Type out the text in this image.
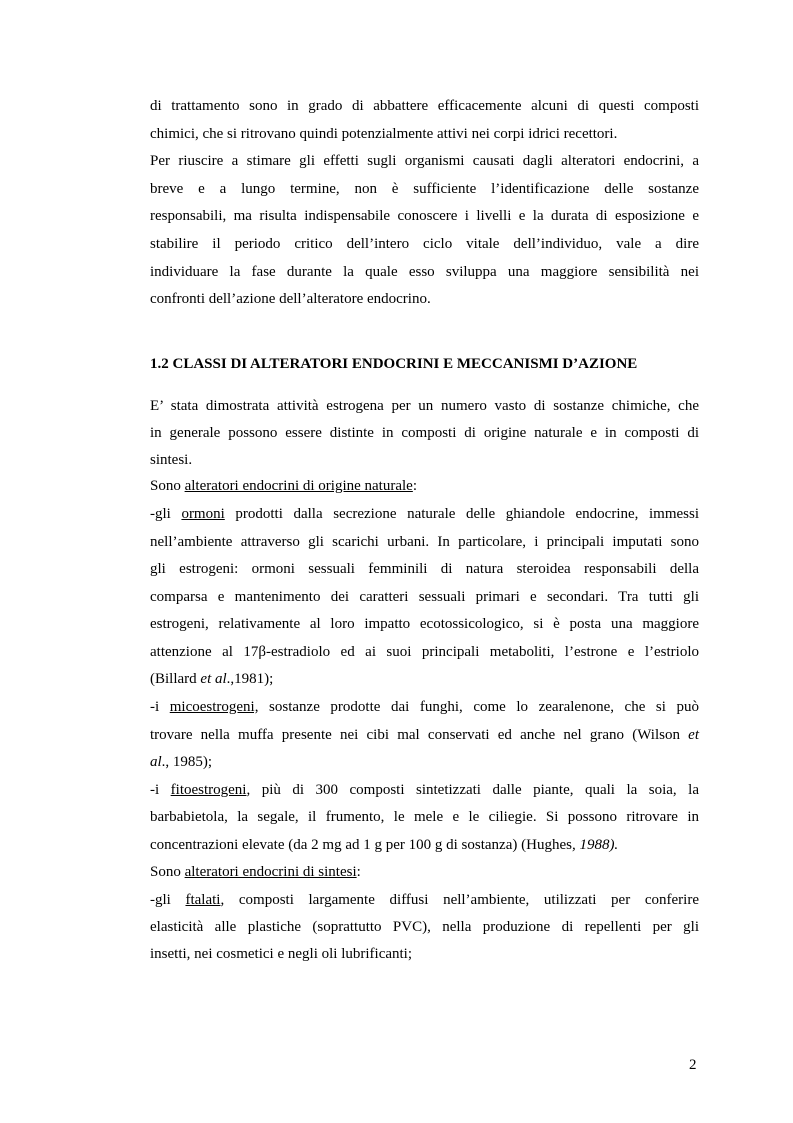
di trattamento sono in grado di abbattere efficacemente alcuni di questi composti
chimici, che si ritrovano quindi potenzialmente attivi nei corpi idrici recettori.
Per riuscire a stimare gli effetti sugli organismi causati dagli alteratori endocrini, a
breve e a lungo termine, non è sufficiente l’identificazione delle sostanze
responsabili, ma risulta indispensabile conoscere i livelli e la durata di esposizione e
stabilire il periodo critico dell’intero ciclo vitale dell’individuo, vale a dire
individuare la fase durante la quale esso sviluppa una maggiore sensibilità nei
confronti dell’azione dell’alteratore endocrino.
1.2 CLASSI DI ALTERATORI ENDOCRINI E MECCANISMI D’AZIONE
E’ stata dimostrata attività estrogena per un numero vasto di sostanze chimiche, che
in generale possono essere distinte in composti di origine naturale e in composti di
sintesi.
Sono alteratori endocrini di origine naturale:
-gli ormoni prodotti dalla secrezione naturale delle ghiandole endocrine, immessi
nell’ambiente attraverso gli scarichi urbani. In particolare, i principali imputati sono
gli estrogeni: ormoni sessuali femminili di natura steroidea responsabili della
comparsa e mantenimento dei caratteri sessuali primari e secondari. Tra tutti gli
estrogeni, relativamente al loro impatto ecotossicologico, si è posta una maggiore
attenzione al 17β-estradiolo ed ai suoi principali metaboliti, l’estrone e l’estriolo
(Billard et al.,1981);
-i micoestrogeni, sostanze prodotte dai funghi, come lo zearalenone, che si può
trovare nella muffa presente nei cibi mal conservati ed anche nel grano (Wilson et
al., 1985);
-i fitoestrogeni, più di 300 composti sintetizzati dalle piante, quali la soia, la
barbabietola, la segale, il frumento, le mele e le ciliegie. Si possono ritrovare in
concentrazioni elevate (da 2 mg ad 1 g per 100 g di sostanza) (Hughes, 1988).
Sono alteratori endocrini di sintesi:
-gli ftalati, composti largamente diffusi nell’ambiente, utilizzati per conferire
elasticità alle plastiche (soprattutto PVC), nella produzione di repellenti per gli
insetti, nei cosmetici e negli oli lubrificanti;
2
